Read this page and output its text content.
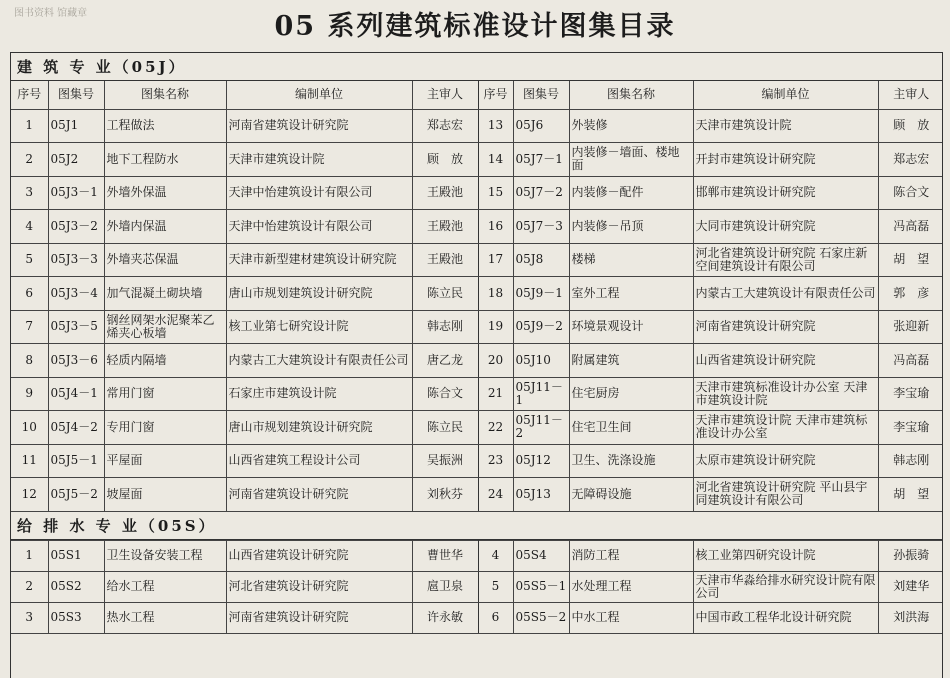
图书资料 馆藏章	05 系列建筑标准设计图集目录
建 筑 专 业（05J）
序号	图集号	图集名称	编制单位	主审人	序号	图集号	图集名称	编制单位	主审人
1	05J1	工程做法	河南省建筑设计研究院	郑志宏	13	05J6	外装修	天津市建筑设计院	顾　放
2	05J2	地下工程防水	天津市建筑设计院	顾　放	14	05J7－1	内装修－墙面、楼地面	开封市建筑设计研究院	郑志宏
3	05J3－1	外墙外保温	天津中怡建筑设计有限公司	王殿池	15	05J7－2	内装修－配件	邯郸市建筑设计研究院	陈合文
4	05J3－2	外墙内保温	天津中怡建筑设计有限公司	王殿池	16	05J7－3	内装修－吊顶	大同市建筑设计研究院	冯高磊
5	05J3－3	外墙夹芯保温	天津市新型建材建筑设计研究院	王殿池	17	05J8	楼梯	河北省建筑设计研究院 石家庄新空间建筑设计有限公司	胡　望
6	05J3－4	加气混凝土砌块墙	唐山市规划建筑设计研究院	陈立民	18	05J9－1	室外工程	内蒙古工大建筑设计有限责任公司	郭　彦
7	05J3－5	钢丝网架水泥聚苯乙烯夹心板墙	核工业第七研究设计院	韩志刚	19	05J9－2	环境景观设计	河南省建筑设计研究院	张迎新
8	05J3－6	轻质内隔墙	内蒙古工大建筑设计有限责任公司	唐乙龙	20	05J10	附属建筑	山西省建筑设计研究院	冯高磊
9	05J4－1	常用门窗	石家庄市建筑设计院	陈合文	21	05J11－1	住宅厨房	天津市建筑标准设计办公室 天津市建筑设计院	李宝瑜
10	05J4－2	专用门窗	唐山市规划建筑设计研究院	陈立民	22	05J11－2	住宅卫生间	天津市建筑设计院 天津市建筑标准设计办公室	李宝瑜
11	05J5－1	平屋面	山西省建筑工程设计公司	吴振洲	23	05J12	卫生、洗涤设施	太原市建筑设计研究院	韩志刚
12	05J5－2	坡屋面	河南省建筑设计研究院	刘秋芬	24	05J13	无障碍设施	河北省建筑设计研究院 平山县宇同建筑设计有限公司	胡　望
给 排 水 专 业（05S）
1	05S1	卫生设备安装工程	山西省建筑设计研究院	曹世华	4	05S4	消防工程	核工业第四研究设计院	孙振骑
2	05S2	给水工程	河北省建筑设计研究院	扈卫泉	5	05S5－1	水处理工程	天津市华淼给排水研究设计院有限公司	刘建华
3	05S3	热水工程	河南省建筑设计研究院	许永敏	6	05S5－2	中水工程	中国市政工程华北设计研究院	刘洪海
